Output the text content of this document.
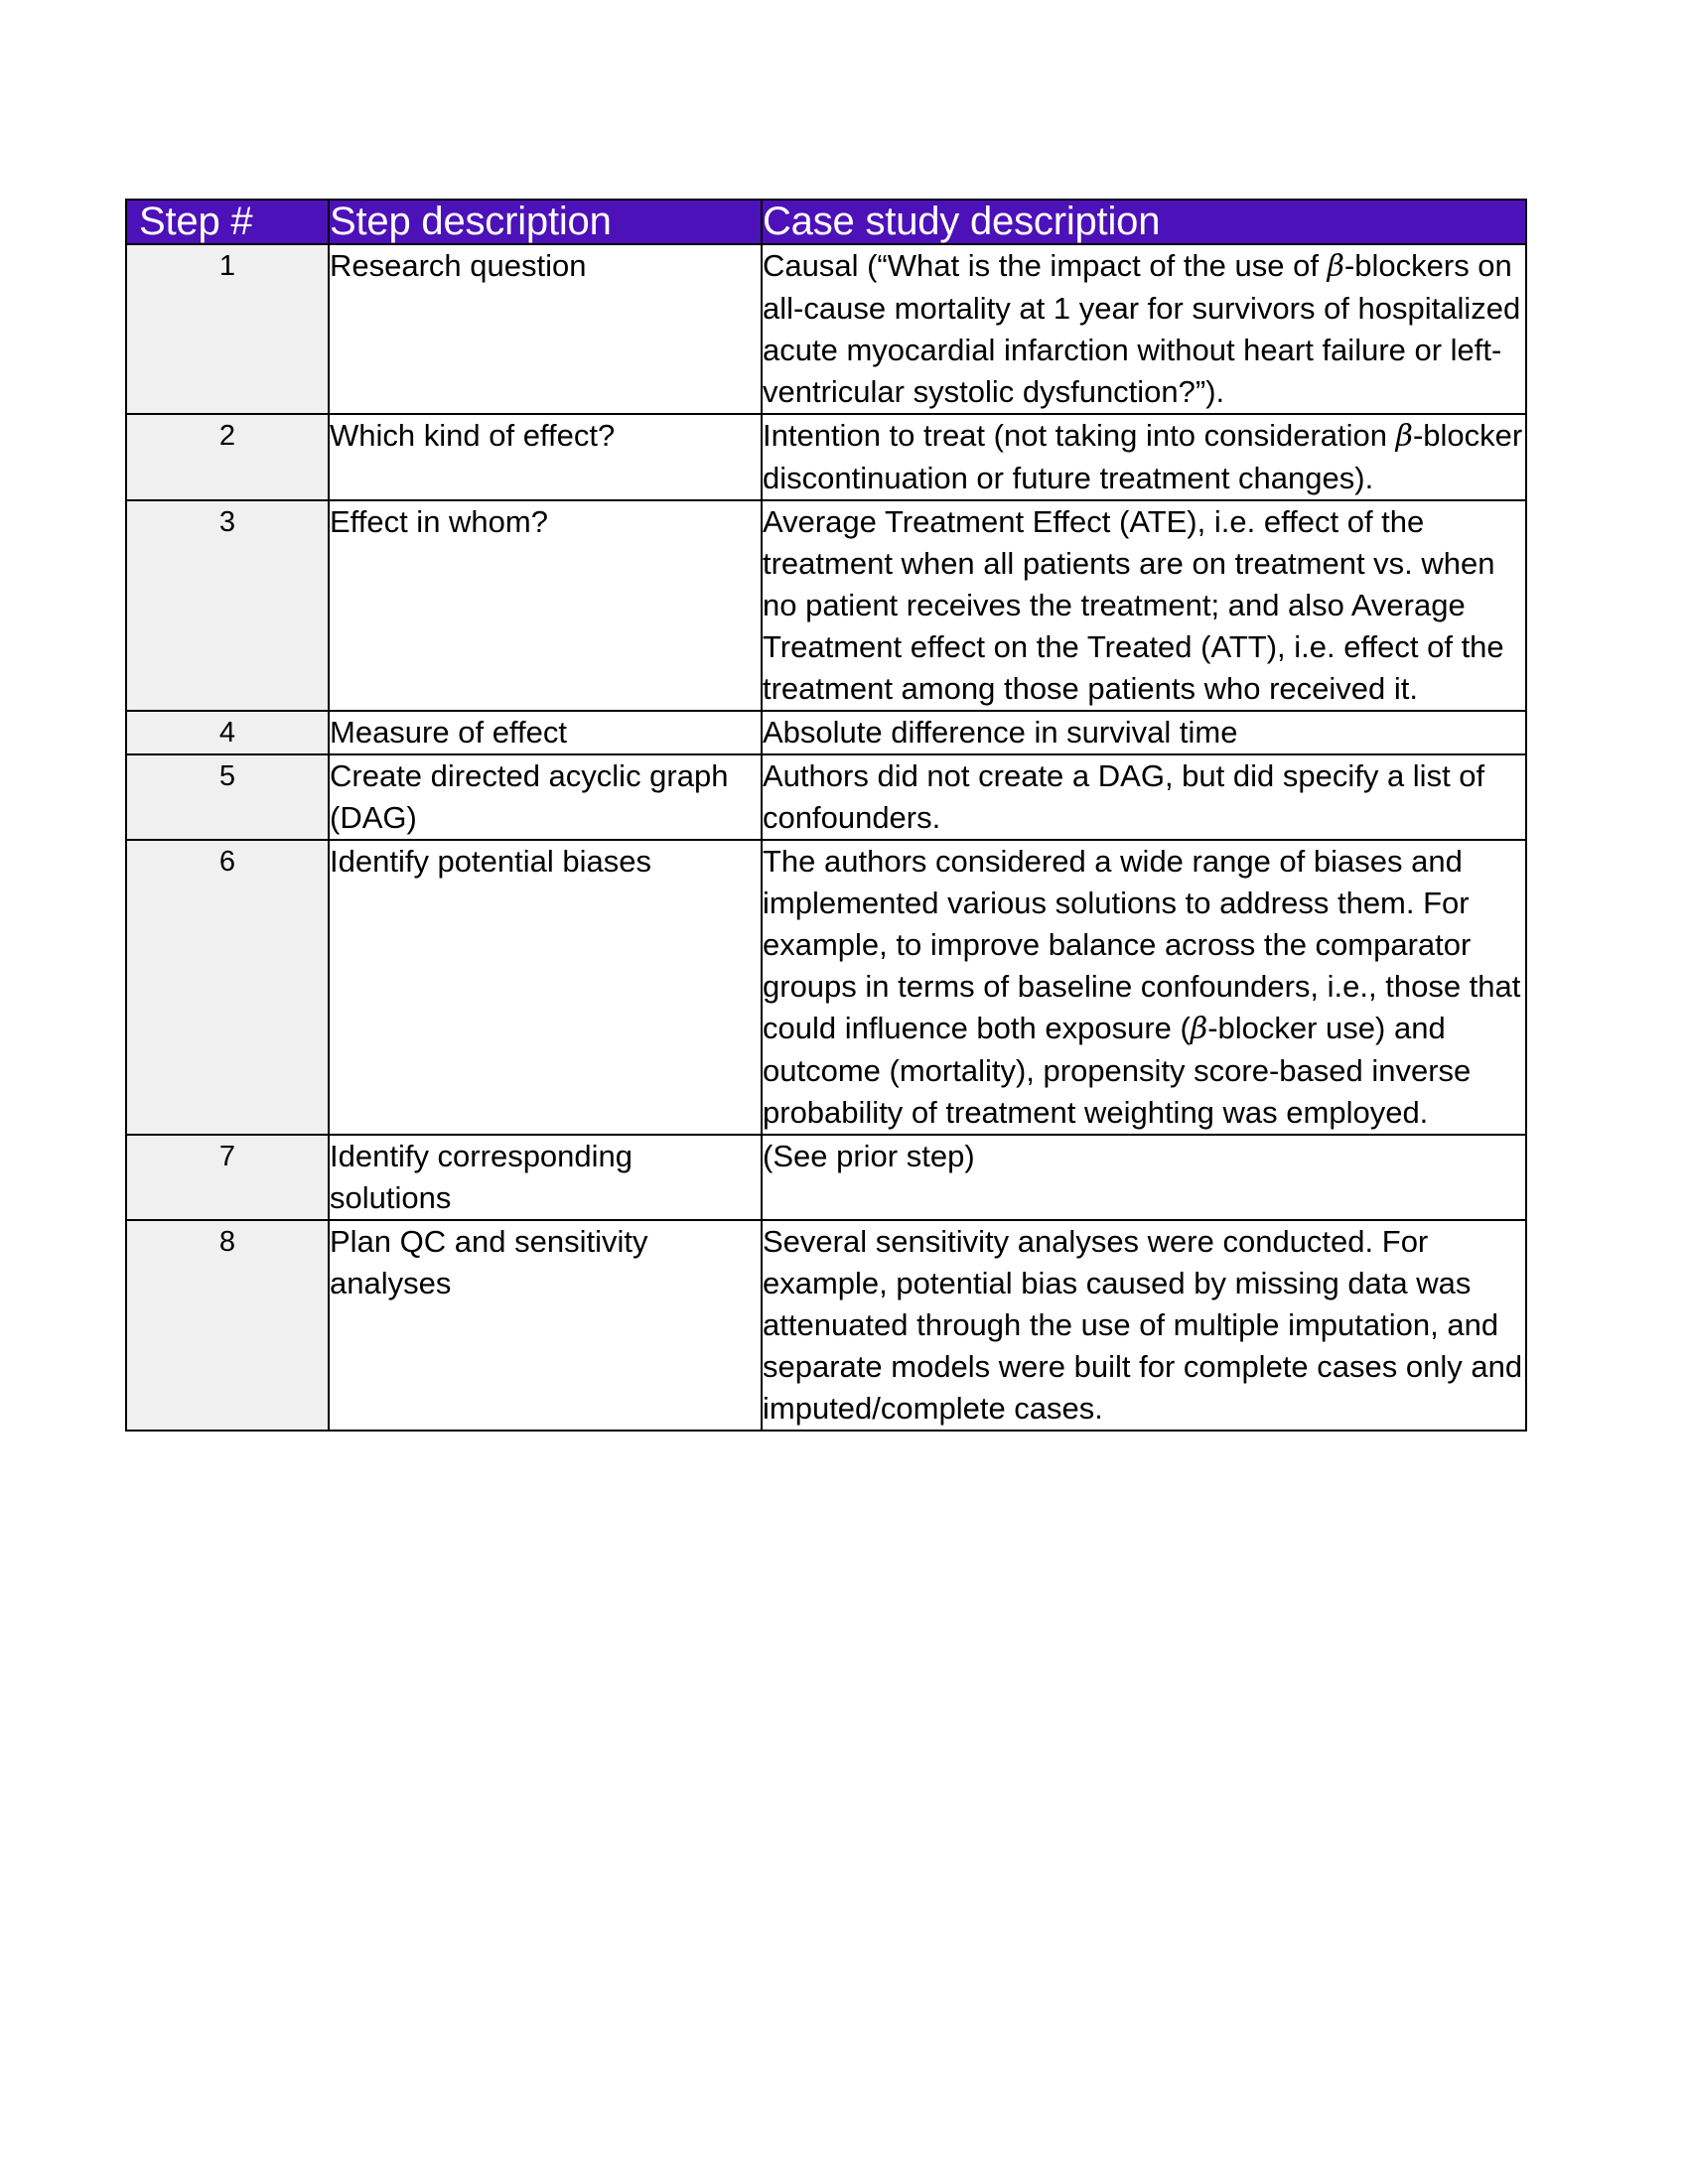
Step #	Step description	Case study description
1	Research question	Causal (“What is the impact of the use of β-blockers on all-cause mortality at 1 year for survivors of hospitalized acute myocardial infarction without heart failure or left-ventricular systolic dysfunction?”).
2	Which kind of effect?	Intention to treat (not taking into consideration β-blocker discontinuation or future treatment changes).
3	Effect in whom?	Average Treatment Effect (ATE), i.e. effect of the treatment when all patients are on treatment vs. when no patient receives the treatment; and also Average Treatment effect on the Treated (ATT), i.e. effect of the treatment among those patients who received it.
4	Measure of effect	Absolute difference in survival time
5	Create directed acyclic graph (DAG)	Authors did not create a DAG, but did specify a list of confounders.
6	Identify potential biases	The authors considered a wide range of biases and implemented various solutions to address them. For example, to improve balance across the comparator groups in terms of baseline confounders, i.e., those that could influence both exposure (β-blocker use) and outcome (mortality), propensity score-based inverse probability of treatment weighting was employed.
7	Identify corresponding solutions	(See prior step)
8	Plan QC and sensitivity analyses	Several sensitivity analyses were conducted. For example, potential bias caused by missing data was attenuated through the use of multiple imputation, and separate models were built for complete cases only and imputed/complete cases.
